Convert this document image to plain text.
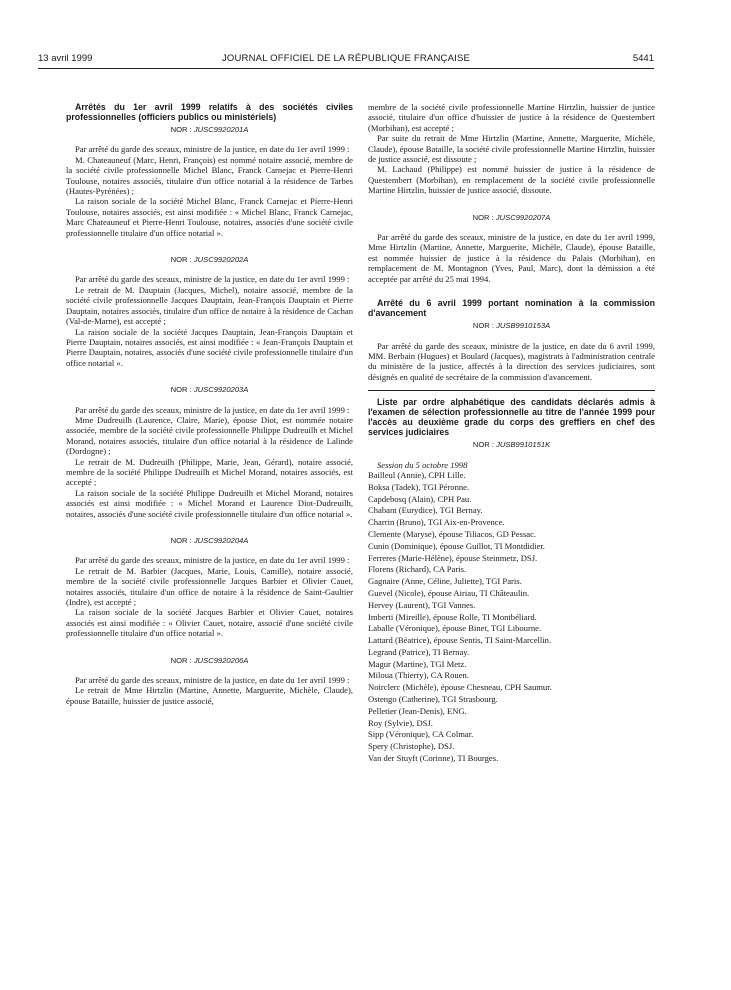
13 avril 1999	JOURNAL OFFICIEL DE LA RÉPUBLIQUE FRANÇAISE	5441

Arrêtés du 1er avril 1999 relatifs à des sociétés civiles professionnelles (officiers publics ou ministériels)

NOR : JUSC9920201A

Par arrêté du garde des sceaux, ministre de la justice, en date du 1er avril 1999 :

M. Chateauneuf (Marc, Henri, François) est nommé notaire associé, membre de la société civile professionnelle Michel Blanc, Franck Carnejac et Pierre-Henri Toulouse, notaires associés, titulaire d'un office notarial à la résidence de Tarbes (Hautes-Pyrénées) ;

La raison sociale de la société Michel Blanc, Franck Carnejac et Pierre-Henri Toulouse, notaires associés, est ainsi modifiée : « Michel Blanc, Franck Carnejac, Marc Chateauneuf et Pierre-Henri Toulouse, notaires, associés d'une société civile professionnelle titulaire d'un office notarial ».

NOR : JUSC9920202A

Par arrêté du garde des sceaux, ministre de la justice, en date du 1er avril 1999 :

Le retrait de M. Dauptain (Jacques, Michel), notaire associé, membre de la société civile professionnelle Jacques Dauptain, Jean-François Dauptain et Pierre Dauptain, notaires associés, titulaire d'un office de notaire à la résidence de Cachan (Val-de-Marne), est accepté ;

La raison sociale de la société Jacques Dauptain, Jean-François Dauptain et Pierre Dauptain, notaires associés, est ainsi modifiée : « Jean-François Dauptain et Pierre Dauptain, notaires, associés d'une société civile professionnelle titulaire d'un office notarial ».

NOR : JUSC9920203A

Par arrêté du garde des sceaux, ministre de la justice, en date du 1er avril 1999 :

Mme Dudreuilh (Laurence, Claire, Marie), épouse Diot, est nommée notaire associée, membre de la société civile professionnelle Philippe Dudreuilh et Michel Morand, notaires associés, titulaire d'un office notarial à la résidence de Lalinde (Dordogne) ;

Le retrait de M. Dudreuilh (Philippe, Marie, Jean, Gérard), notaire associé, membre de la société Philippe Dudreuilh et Michel Morand, notaires associés, est accepté ;

La raison sociale de la société Philippe Dudreuilh et Michel Morand, notaires associés est ainsi modifiée : « Michel Morand et Laurence Diot-Dudreuilh, notaires, associés d'une société civile professionnelle titulaire d'un office notarial ».

NOR : JUSC9920204A

Par arrêté du garde des sceaux, ministre de la justice, en date du 1er avril 1999 :

Le retrait de M. Barbier (Jacques, Marie, Louis, Camille), notaire associé, membre de la société civile professionnelle Jacques Barbier et Olivier Cauet, notaires associés, titulaire d'un office de notaire à la résidence de Saint-Gaultier (Indre), est accepté ;

La raison sociale de la société Jacques Barbier et Olivier Cauet, notaires associés est ainsi modifiée : « Olivier Cauet, notaire, associé d'une société civile professionnelle titulaire d'un office notarial ».

NOR : JUSC9920206A

Par arrêté du garde des sceaux, ministre de la justice, en date du 1er avril 1999 :

Le retrait de Mme Hirtzlin (Martine, Annette, Marguerite, Michèle, Claude), épouse Bataille, huissier de justice associé,

membre de la société civile professionnelle Martine Hirtzlin, huissier de justice associé, titulaire d'un office d'huissier de justice à la résidence de Questembert (Morbihan), est accepté ;

Par suite du retrait de Mme Hirtzlin (Martine, Annette, Marguerite, Michèle, Claude), épouse Bataille, la société civile professionnelle Martine Hirtzlin, huissier de justice associé, est dissoute ;

M. Lachaud (Philippe) est nommé huissier de justice à la résidence de Questembert (Morbihan), en remplacement de la société civile professionnelle Martine Hirtzlin, huissier de justice associé, dissoute.

NOR : JUSC9920207A

Par arrêté du garde des sceaux, ministre de la justice, en date du 1er avril 1999, Mme Hirtzlin (Martine, Annette, Marguerite, Michèle, Claude), épouse Bataille, est nommée huissier de justice à la résidence du Palais (Morbihan), en remplacement de M. Montagnon (Yves, Paul, Marc), dont la démission a été acceptée par arrêté du 25 mai 1994.

Arrêté du 6 avril 1999 portant nomination à la commission d'avancement

NOR : JUSB9910153A

Par arrêté du garde des sceaux, ministre de la justice, en date du 6 avril 1999, MM. Berbain (Hugues) et Boulard (Jacques), magistrats à l'administration centrale du ministère de la justice, affectés à la direction des services judiciaires, sont désignés en qualité de secrétaire de la commission d'avancement.

Liste par ordre alphabétique des candidats déclarés admis à l'examen de sélection professionnelle au titre de l'année 1999 pour l'accès au deuxième grade du corps des greffiers en chef des services judiciaires

NOR : JUSB9910151K

Session du 5 octobre 1998

Bailleul (Annie), CPH Lille.
Boksa (Tadek), TGI Péronne.
Capdebosq (Alain), CPH Pau.
Chabant (Eurydice), TGI Bernay.
Charrin (Bruno), TGI Aix-en-Provence.
Clemente (Maryse), épouse Tiliacos, GD Pessac.
Cunin (Dominique), épouse Guillot, TI Montdidier.
Ferreres (Marie-Hélène), épouse Steinmetz, DSJ.
Florens (Richard), CA Paris.
Gagnaire (Anne, Céline, Juliette), TGI Paris.
Guevel (Nicole), épouse Airiau, TI Châteaulin.
Hervey (Laurent), TGI Vannes.
Imberti (Mireille), épouse Rolle, TI Montbéliard.
Laballe (Véronique), épouse Binet, TGI Libourne.
Lattard (Béatrice), épouse Sentis, TI Saint-Marcellin.
Legrand (Patrice), TI Bernay.
Magur (Martine), TGI Metz.
Miloua (Thierry), CA Rouen.
Noirclerc (Michèle), épouse Chesneau, CPH Saumur.
Ostengo (Catherine), TGI Strasbourg.
Pelletier (Jean-Denis), ENG.
Roy (Sylvie), DSJ.
Sipp (Véronique), CA Colmar.
Spery (Christophe), DSJ.
Van der Stuyft (Corinne), TI Bourges.
